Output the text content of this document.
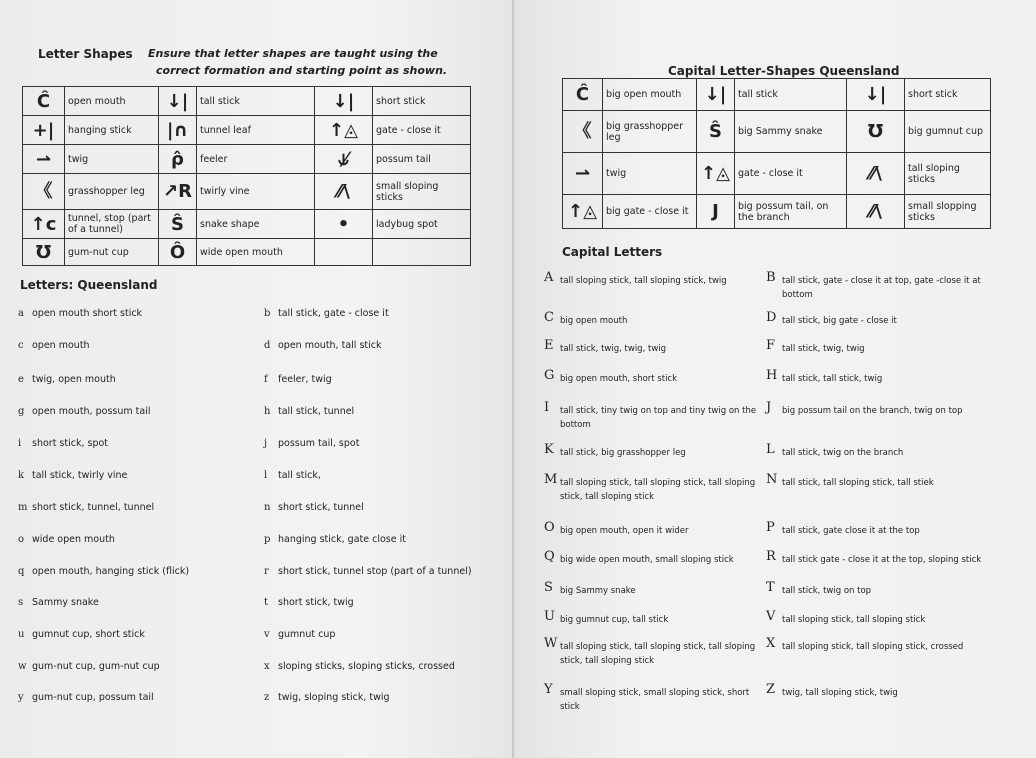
Letter Shapes Ensure that letter shapes are taught using the
correct formation and starting point as shown.
Ĉ	open mouth	↓|	tall stick	↓|	short stick
+|	hanging stick	|∩	tunnel leaf	↑◬	gate - close it
⇀	twig	ρ̂	feeler	⫝̸	possum tail
《	grasshopper leg	↗R	twirly vine	⁄⁄\	small sloping sticks
↑ϲ	tunnel, stop (part of a tunnel)	Ŝ	snake shape	•	ladybug spot
Ʊ	gum-nut cup	Ô	wide open mouth		
Letters: Queensland
a open mouth short stick
c open mouth
e twig, open mouth
g open mouth, possum tail
i short stick, spot
k tall stick, twirly vine
m short stick, tunnel, tunnel
o wide open mouth
q open mouth, hanging stick (flick)
s Sammy snake
u gumnut cup, short stick
w gum-nut cup, gum-nut cup
y gum-nut cup, possum tail
b tall stick, gate - close it
d open mouth, tall stick
f feeler, twig
h tall stick, tunnel
j possum tail, spot
l tall stick,
n short stick, tunnel
p hanging stick, gate close it
r short stick, tunnel stop (part of a tunnel)
t short stick, twig
v gumnut cup
x sloping sticks, sloping sticks, crossed
z twig, sloping stick, twig
Capital Letter-Shapes Queensland
Ĉ	big open mouth	↓|	tall stick	↓|	short stick
《	big grasshopper leg	Ŝ	big Sammy snake	Ʊ	big gumnut cup
⇀	twig	↑◬	gate - close it	⁄⁄\	tall sloping sticks
↑◬	big gate - close it	J	big possum tail, on the branch	⁄⁄\	small slopping sticks
Capital Letters
A tall sloping stick, tall sloping stick, twig
C big open mouth
E tall stick, twig, twig, twig
G big open mouth, short stick
I tall stick, tiny twig on top and tiny twig on the bottom
K tall stick, big grasshopper leg
M tall sloping stick, tall sloping stick, tall sloping stick, tall sloping stick
O big open mouth, open it wider
Q big wide open mouth, small sloping stick
S big Sammy snake
U big gumnut cup, tall stick
W tall sloping stick, tall sloping stick, tall sloping stick, tall sloping stick
Y small sloping stick, small sloping stick, short stick
B tall stick, gate - close it at top, gate -close it at bottom
D tall stick, big gate - close it
F tall stick, twig, twig
H tall stick, tall stick, twig
J big possum tail on the branch, twig on top
L tall stick, twig on the branch
N tall stick, tall sloping stick, tall stiek
P tall stick, gate close it at the top
R tall stick gate - close it at the top, sloping stick
T tall stick, twig on top
V tall sloping stick, tall sloping stick
X tall sloping stick, tall sloping stick, crossed
Z twig, tall sloping stick, twig
